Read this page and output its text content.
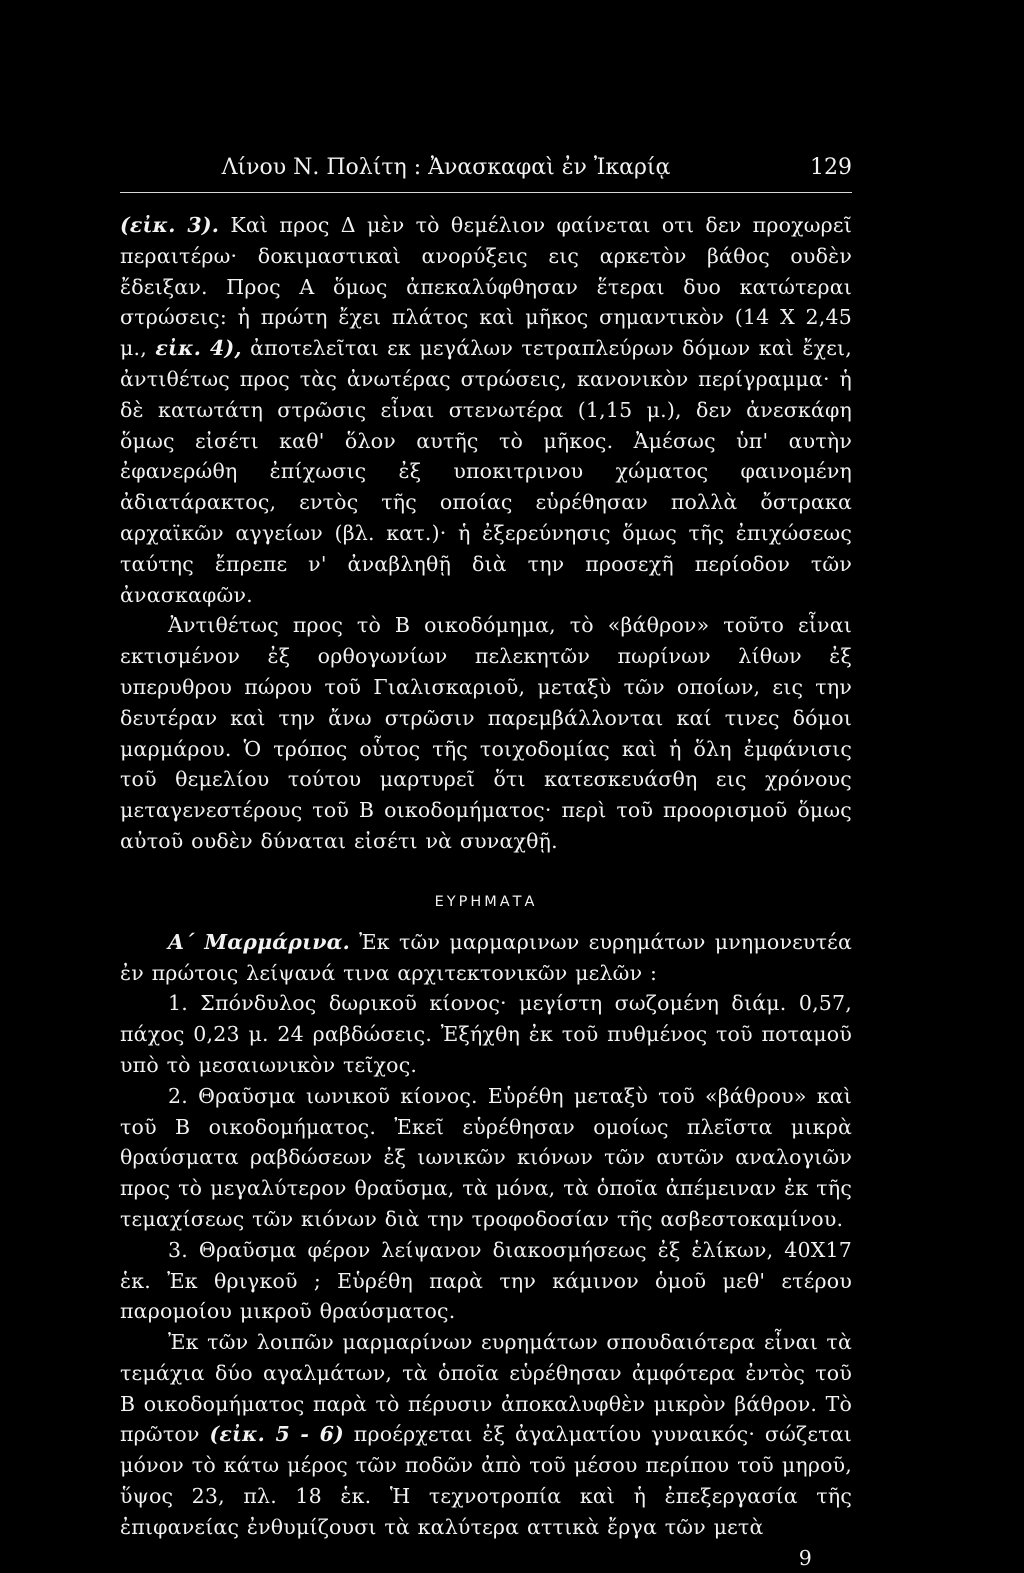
Λίνου Ν. Πολίτη : Ἀνασκαφαὶ ἐν Ἰκαρίᾳ	129

(εἰκ. 3). Καὶ προς Δ μὲν τὸ θεμέλιον φαίνεται οτι δεν προχωρεῖ περαιτέρω· δοκιμαστικαὶ ανορύξεις εις αρκετὸν βάθος ουδὲν ἔδειξαν. Προς Α ὅμως ἀπεκαλύφθησαν ἕτεραι δυο κατώτεραι στρώσεις: ἡ πρώτη ἔχει πλάτος καὶ μῆκος σημαντικὸν (14 X 2,45 μ., εἰκ. 4), ἀποτελεῖται εκ μεγάλων τετραπλεύρων δόμων καὶ ἔχει, ἀντιθέτως προς τὰς ἀνωτέρας στρώσεις, κανονικὸν περίγραμμα· ἡ δὲ κατωτάτη στρῶσις εἶναι στενωτέρα (1,15 μ.), δεν ἀνεσκάφη ὅμως εἰσέτι καθ' ὅλον αυτῆς τὸ μῆκος. Ἀμέσως ὑπ' αυτὴν ἐφανερώθη ἐπίχωσις ἐξ υποκιτρινου χώματος φαινομένη ἀδιατάρακτος, εντὸς τῆς οποίας εὑρέθησαν πολλὰ ὄστρακα αρχαϊκῶν αγγείων (βλ. κατ.)· ἡ ἐξερεύνησις ὅμως τῆς ἐπιχώσεως ταύτης ἔπρεπε ν' ἀναβληθῇ διὰ την προσεχῆ περίοδον τῶν ἀνασκαφῶν.

Ἀντιθέτως προς τὸ Β οικοδόμημα, τὸ «βάθρον» τοῦτο εἶναι εκτισμένον ἐξ ορθογωνίων πελεκητῶν πωρίνων λίθων ἐξ υπερυθρου πώρου τοῦ Γιαλισκαριοῦ, μεταξὺ τῶν οποίων, εις την δευτέραν καὶ την ἄνω στρῶσιν παρεμβάλλονται καί τινες δόμοι μαρμάρου. Ὁ τρόπος οὗτος τῆς τοιχοδομίας καὶ ἡ ὅλη ἐμφάνισις τοῦ θεμελίου τούτου μαρτυρεῖ ὅτι κατεσκευάσθη εις χρόνους μεταγενεστέρους τοῦ Β οικοδομήματος· περὶ τοῦ προορισμοῦ ὅμως αὐτοῦ ουδὲν δύναται εἰσέτι νὰ συναχθῇ.

ΕΥΡΗΜΑΤΑ

Α΄ Μαρμάρινα. Ἐκ τῶν μαρμαρινων ευρημάτων μνημονευτέα ἐν πρώτοις λείψανά τινα αρχιτεκτονικῶν μελῶν :

1. Σπόνδυλος δωρικοῦ κίονος· μεγίστη σωζομένη διάμ. 0,57, πάχος 0,23 μ. 24 ραβδώσεις. Ἐξήχθη ἐκ τοῦ πυθμένος τοῦ ποταμοῦ υπὸ τὸ μεσαιωνικὸν τεῖχος.

2. Θραῦσμα ιωνικοῦ κίονος. Εὑρέθη μεταξὺ τοῦ «βάθρου» καὶ τοῦ Β οικοδομήματος. Ἐκεῖ εὑρέθησαν ομοίως πλεῖστα μικρὰ θραύσματα ραβδώσεων ἐξ ιωνικῶν κιόνων τῶν αυτῶν αναλογιῶν προς τὸ μεγαλύτερον θραῦσμα, τὰ μόνα, τὰ ὁποῖα ἀπέμειναν ἐκ τῆς τεμαχίσεως τῶν κιόνων διὰ την τροφοδοσίαν τῆς ασβεστοκαμίνου.

3. Θραῦσμα φέρον λείψανον διακοσμήσεως ἐξ ἑλίκων, 40X17 ἑκ. Ἐκ θριγκοῦ ; Εὑρέθη παρὰ την κάμινον ὁμοῦ μεθ' ετέρου παρομοίου μικροῦ θραύσματος.

Ἐκ τῶν λοιπῶν μαρμαρίνων ευρημάτων σπουδαιότερα εἶναι τὰ τεμάχια δύο αγαλμάτων, τὰ ὁποῖα εὑρέθησαν ἀμφότερα ἐντὸς τοῦ Β οικοδομήματος παρὰ τὸ πέρυσιν ἀποκαλυφθὲν μικρὸν βάθρον. Τὸ πρῶτον (εἰκ. 5 - 6) προέρχεται ἐξ ἀγαλματίου γυναικός· σώζεται μόνον τὸ κάτω μέρος τῶν ποδῶν ἀπὸ τοῦ μέσου περίπου τοῦ μηροῦ, ὕψος 23, πλ. 18 ἑκ. Ἡ τεχνοτροπία καὶ ἡ ἐπεξεργασία τῆς ἐπιφανείας ἐνθυμίζουσι τὰ καλύτερα αττικὰ ἔργα τῶν μετὰ

9
